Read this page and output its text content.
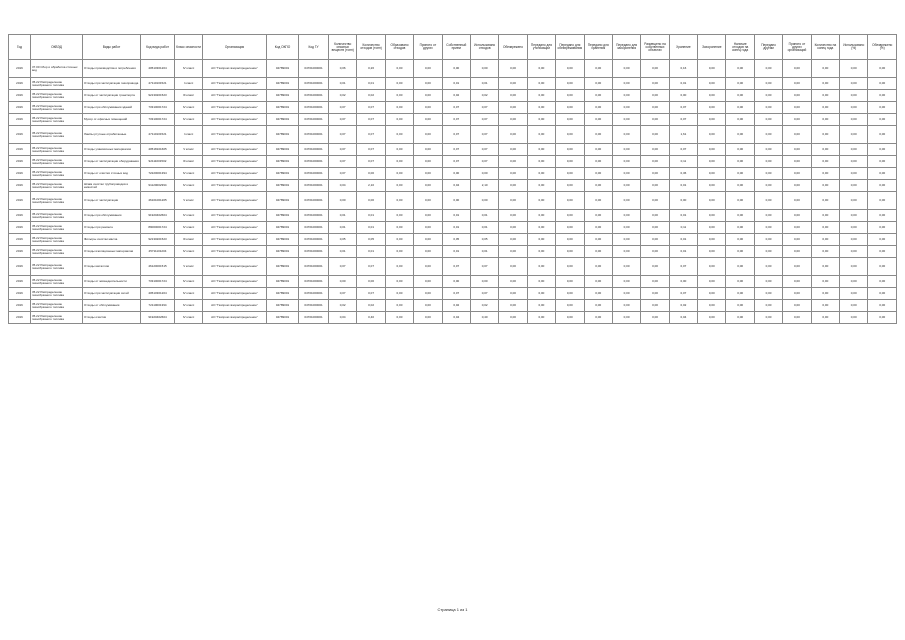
Год	ОКВЭД	Виды работ	Код вида работ	Класс опасности	Организация	Код ОКПО	Код ГУ	Количество опасных веществ (тонн)	Количество отходов (тонн)	Образовано отходов	Принято от других	Собственный прием	Использовано отходов	Обезврежено	Передано для утилизации	Передано для обезвреживания	Передано для хранения	Передано для захоронения	Размещено на собственных объектах	Хранение	Захоронение	Наличие отходов на конец года	Передано другим	Принято от других организаций	Количество на конец года	Использовано (%)	Обезврежено (%)
2016	37.00 Сбор и обработка сточных вод	Отходы производства и потребления	40510301204	IV класс	АО "Газпром газораспределение"	04789001	04701000001	0,06	0,26	0,00	0,00	0,00	0,00	0,00	0,00	0,00	0,00	0,00	0,00	0,16	0,00	0,00	0,00	0,00	0,00	0,00	0,00
2016	35.22 Распределение газообразного топлива	Отходы при эксплуатации газопровода	47110101521	I класс	АО "Газпром газораспределение"	04789001	04701000001	0,01	0,01	0,00	0,00	0,01	0,01	0,00	0,00	0,00	0,00	0,00	0,00	0,01	0,00	0,00	0,00	0,00	0,00	0,00	0,00
2016	35.22 Распределение газообразного топлива	Отходы от эксплуатации транспорта	92130201523	III класс	АО "Газпром газораспределение"	04789001	04701000001	0,02	0,02	0,00	0,00	0,02	0,02	0,00	0,00	0,00	0,00	0,00	0,00	0,00	0,00	0,00	0,00	0,00	0,00	0,00	0,00
2016	35.22 Распределение газообразного топлива	Отходы при обслуживании зданий	73310001724	IV класс	АО "Газпром газораспределение"	04789001	04701000001	0,07	0,07	0,00	0,00	0,07	0,07	0,00	0,00	0,00	0,00	0,00	0,00	0,07	0,00	0,00	0,00	0,00	0,00	0,00	0,00
2016	35.22 Распределение газообразного топлива	Мусор от офисных помещений	73310001724	IV класс	АО "Газпром газораспределение"	04789001	04701000001	0,07	0,07	0,00	0,00	0,07	0,07	0,00	0,00	0,00	0,00	0,00	0,00	0,07	0,00	0,00	0,00	0,00	0,00	0,00	0,00
2016	35.22 Распределение газообразного топлива	Лампы ртутные отработанные	47110101521	I класс	АО "Газпром газораспределение"	04789001	04701000001	0,07	0,07	0,00	0,00	0,07	0,07	0,00	0,00	0,00	0,00	0,00	0,00	1,61	0,00	0,00	0,00	0,00	0,00	0,00	0,00
2016	35.22 Распределение газообразного топлива	Отходы упаковочных материалов	40518101605	V класс	АО "Газпром газораспределение"	04789001	04701000001	0,07	0,07	0,00	0,00	0,07	0,07	0,00	0,00	0,00	0,00	0,00	0,00	0,07	0,00	0,00	0,00	0,00	0,00	0,00	0,00
2016	35.22 Распределение газообразного топлива	Отходы от эксплуатации оборудования	92111001502	III класс	АО "Газпром газораспределение"	04789001	04701000001	0,07	0,07	0,00	0,00	0,07	0,07	0,00	0,00	0,00	0,00	0,00	0,00	0,11	0,00	0,00	0,00	0,00	0,00	0,00	0,00
2016	35.22 Распределение газообразного топлива	Отходы от очистки сточных вод	72220001394	IV класс	АО "Газпром газораспределение"	04789001	04701000001	0,07	0,00	0,00	0,00	0,00	0,00	0,00	0,00	0,00	0,00	0,00	0,00	0,36	0,00	0,00	0,00	0,00	0,00	0,00	0,00
2016	35.22 Распределение газообразного топлива	Шлам очистки трубопроводов и емкостей	91120002394	IV класс	АО "Газпром газораспределение"	04789001	04701000001	0,04	2,10	0,00	0,00	0,04	2,10	0,00	0,00	0,00	0,00	0,00	0,00	0,01	0,00	0,00	0,00	0,00	0,00	0,00	0,00
2016	35.22 Распределение газообразного топлива	Отходы от эксплуатации	46101001205	V класс	АО "Газпром газораспределение"	04789001	04701000001	0,00	0,00	0,00	0,00	0,00	0,00	0,00	0,00	0,00	0,00	0,00	0,00	0,00	0,00	0,00	0,00	0,00	0,00	0,00	0,00
2016	35.22 Распределение газообразного топлива	Отходы при обслуживании	91920402604	IV класс	АО "Газпром газораспределение"	04789001	04701000001	0,01	0,01	0,00	0,00	0,01	0,01	0,00	0,00	0,00	0,00	0,00	0,00	0,01	0,00	0,00	0,00	0,00	0,00	0,00	0,00
2016	35.22 Распределение газообразного топлива	Отходы при ремонте	89000001724	IV класс	АО "Газпром газораспределение"	04789001	04701000001	0,01	0,01	0,00	0,00	0,01	0,01	0,00	0,00	0,00	0,00	0,00	0,00	0,11	0,00	0,00	0,00	0,00	0,00	0,00	0,00
2016	35.22 Распределение газообразного топлива	Фильтры очистки масла	92130201523	III класс	АО "Газпром газораспределение"	04789001	04701000001	0,05	0,05	0,00	0,00	0,05	0,05	0,00	0,00	0,00	0,00	0,00	0,00	0,01	0,00	0,00	0,00	0,00	0,00	0,00	0,00
2016	35.22 Распределение газообразного топлива	Отходы изоляционных материалов	45711101204	IV класс	АО "Газпром газораспределение"	04789001	04701000001	0,01	0,01	0,00	0,00	0,01	0,01	0,00	0,00	0,00	0,00	0,00	0,00	0,01	0,00	0,00	0,00	0,00	0,00	0,00	0,00
2016	35.22 Распределение газообразного топлива	Отходы металлов	46120001515	V класс	АО "Газпром газораспределение"	04789001	04701000001	0,07	0,07	0,00	0,00	0,07	0,07	0,00	0,00	0,00	0,00	0,00	0,00	0,07	0,00	0,00	0,00	0,00	0,00	0,00	0,00
2016	35.22 Распределение газообразного топлива	Отходы от жизнедеятельности	73310001724	IV класс	АО "Газпром газораспределение"	04789001	04701000001	0,00	0,00	0,00	0,00	0,00	0,00	0,00	0,00	0,00	0,00	0,00	0,00	0,00	0,00	0,00	0,00	0,00	0,00	0,00	0,00
2016	35.22 Распределение газообразного топлива	Отходы при эксплуатации сетей	40510301204	IV класс	АО "Газпром газораспределение"	04789001	04701000001	0,07	0,07	0,00	0,00	0,07	0,07	0,00	0,00	0,00	0,00	0,00	0,00	0,07	0,00	0,00	0,00	0,00	0,00	0,00	0,00
2016	35.22 Распределение газообразного топлива	Отходы от обслуживания	72110001394	IV класс	АО "Газпром газораспределение"	04789001	04701000001	0,02	0,02	0,00	0,00	0,02	0,02	0,00	0,00	0,00	0,00	0,00	0,00	0,02	0,00	0,00	0,00	0,00	0,00	0,00	0,00
2016	35.22 Распределение газообразного топлива	Отходы очистки	91920402604	IV класс	АО "Газпром газораспределение"	04789001	04701000001	0,04	0,40	0,00	0,00	0,04	0,40	0,00	0,00	0,00	0,00	0,00	0,00	0,04	0,00	0,00	0,00	0,00	0,00	0,00	0,00
Страница 1 из 1
